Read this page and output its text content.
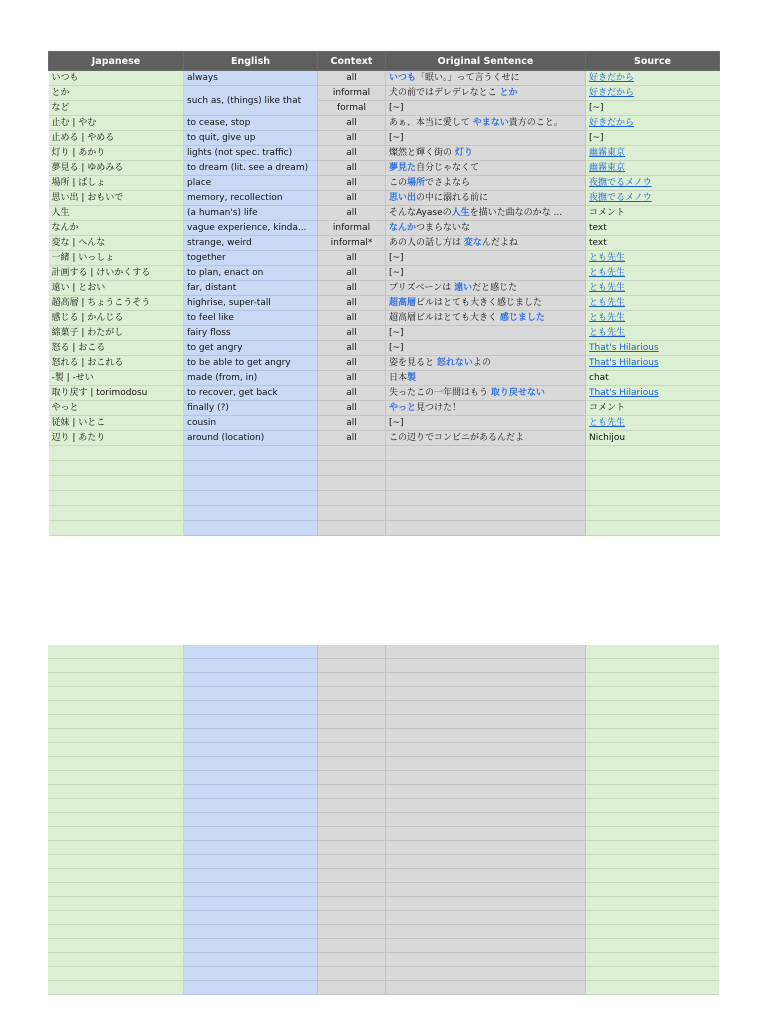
Japanese	English	Context	Original Sentence	Source
いつも	always	all	いつも「眠い。」って言うくせに	好きだから
とか	such as, (things) like that	informal	犬の前ではデレデレなとこ とか	好きだから
など		formal	[~]	[~]
止む | やむ	to cease, stop	all	あぁ、本当に愛して やまない貴方のこと。	好きだから
止める | やめる	to quit, give up	all	[~]	[~]
灯り | あかり	lights (not spec. traffic)	all	燦然と輝く街の 灯り	幽霧東京
夢見る | ゆめみる	to dream (lit. see a dream)	all	夢見た自分じゃなくて	幽霧東京
場所 | ばしょ	place	all	この場所でさよなら	夜撫でるメノウ
思い出 | おもいで	memory, recollection	all	思い出の中に溺れる前に	夜撫でるメノウ
人生	(a human's) life	all	そんなAyaseの人生を描いた曲なのかな ...	コメント
なんか	vague experience, kinda...	informal	なんかつまらないな	text
変な | へんな	strange, weird	informal*	あの人の話し方は 変なんだよね	text
一緒 | いっしょ	together	all	[~]	とも先生
計画する | けいかくする	to plan, enact on	all	[~]	とも先生
遠い | とおい	far, distant	all	ブリズベーンは 遠いだと感じた	とも先生
超高層 | ちょうこうそう	highrise, super-tall	all	超高層ビルはとても大きく感じました	とも先生
感じる | かんじる	to feel like	all	超高層ビルはとても大きく 感じました	とも先生
綿菓子 | わたがし	fairy floss	all	[~]	とも先生
怒る | おこる	to get angry	all	[~]	That's Hilarious
怒れる | おこれる	to be able to get angry	all	姿を見ると 怒れないよの	That's Hilarious
-製 | -せい	made (from, in)	all	日本製	chat
取り戻す | torimodosu	to recover, get back	all	失ったこの一年間はもう 取り戻せない	That's Hilarious
やっと	finally (?)	all	やっと見つけた！	コメント
従妹 | いとこ	cousin	all	[~]	とも先生
辺り | あたり	around (location)	all	この辺りでコンビニがあるんだよ	Nichijou
